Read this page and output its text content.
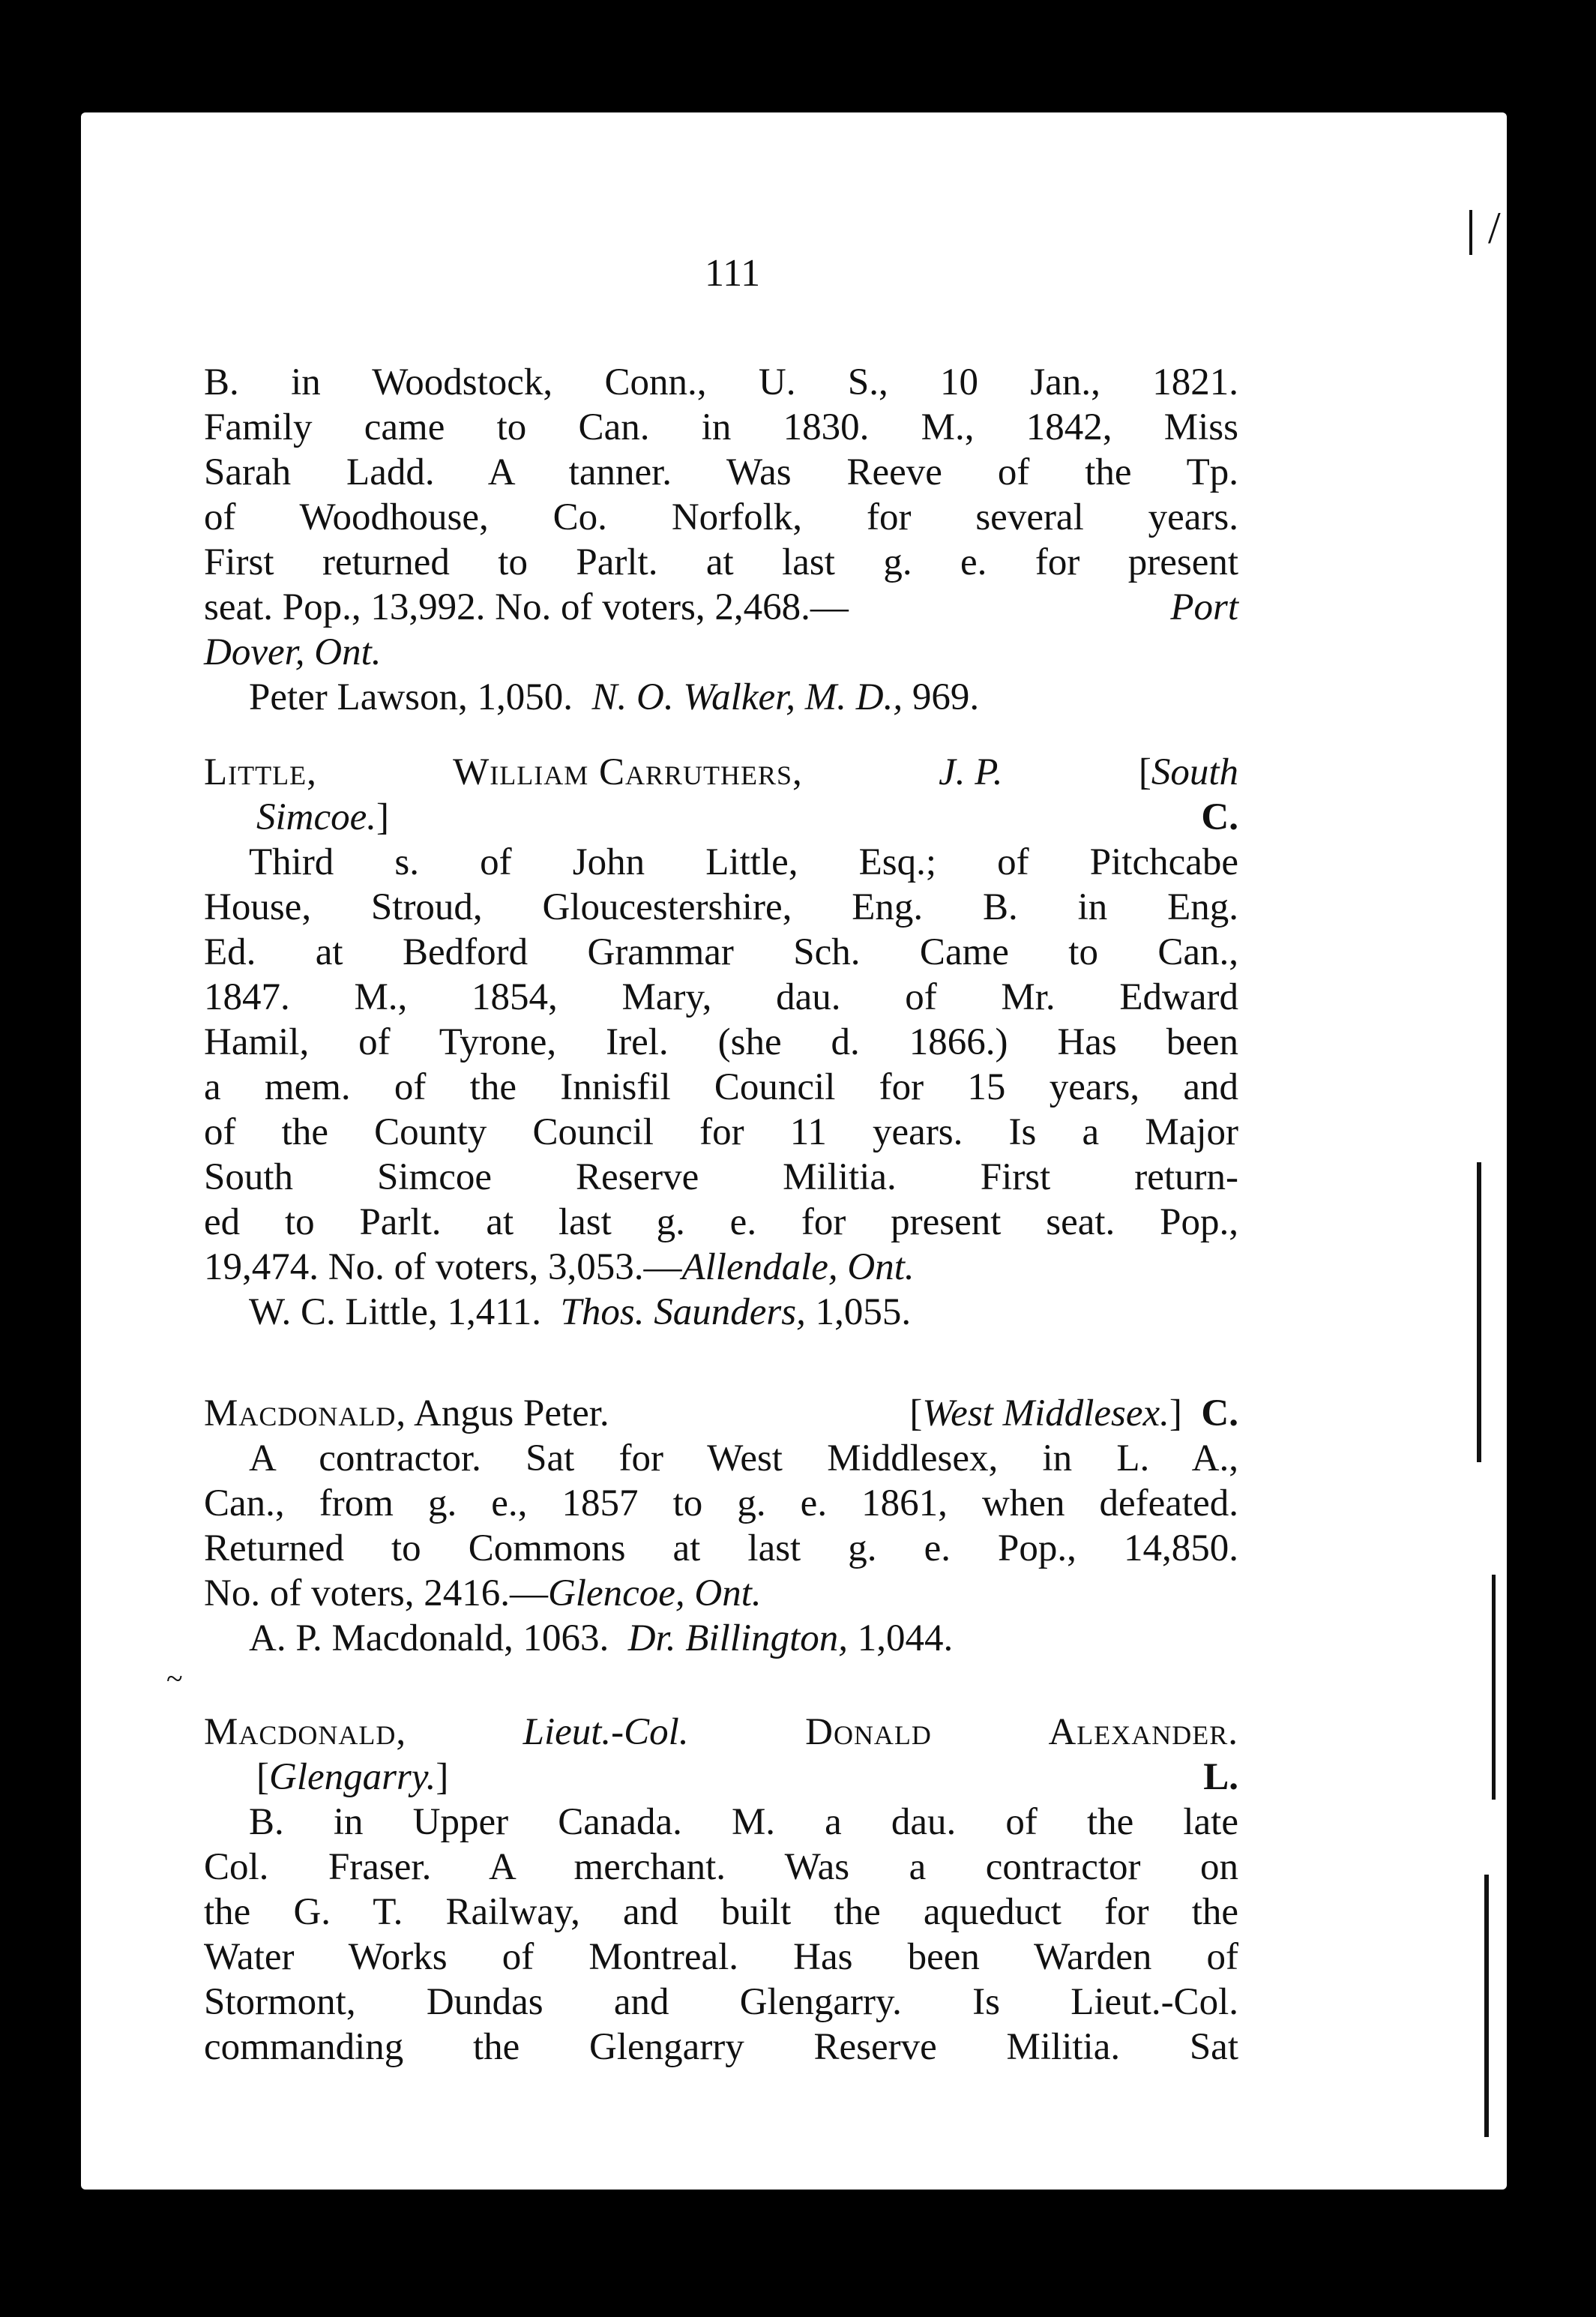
111
B. in Woodstock, Conn., U. S., 10 Jan., 1821.
Family came to Can. in 1830. M., 1842, Miss
Sarah Ladd. A tanner. Was Reeve of the Tp.
of Woodhouse, Co. Norfolk, for several years.
First returned to Parlt. at last g. e. for present
seat. Pop., 13,992. No. of voters, 2,468.—	Port
Dover, Ont.
Peter Lawson, 1,050. N. O. Walker, M. D., 969.
Little,	William Carruthers,	J. P.	[South
Simcoe.]	C.
Third s. of John Little, Esq.; of Pitchcabe
House, Stroud, Gloucestershire, Eng. B. in Eng.
Ed. at Bedford Grammar Sch. Came to Can.,
1847. M., 1854, Mary, dau. of Mr. Edward
Hamil, of Tyrone, Irel. (she d. 1866.) Has been
a mem. of the Innisfil Council for 15 years, and
of the County Council for 11 years. Is a Major
South Simcoe Reserve Militia. First return-
ed to Parlt. at last g. e. for present seat. Pop.,
19,474. No. of voters, 3,053.—Allendale, Ont.
W. C. Little, 1,411. Thos. Saunders, 1,055.
Macdonald, Angus Peter.	[West Middlesex.]  C.
A contractor. Sat for West Middlesex, in L. A.,
Can., from g. e., 1857 to g. e. 1861, when defeated.
Returned to Commons at last g. e. Pop., 14,850.
No. of voters, 2416.—Glencoe, Ont.
A. P. Macdonald, 1063. Dr. Billington, 1,044.
Macdonald,	Lieut.-Col.	Donald	Alexander.
[Glengarry.]	L.
B. in Upper Canada. M. a dau. of the late
Col. Fraser. A merchant. Was a contractor on
the G. T. Railway, and built the aqueduct for the
Water Works of Montreal. Has been Warden of
Stormont, Dundas and Glengarry. Is Lieut.-Col.
commanding the Glengarry Reserve Militia. Sat
/
~
